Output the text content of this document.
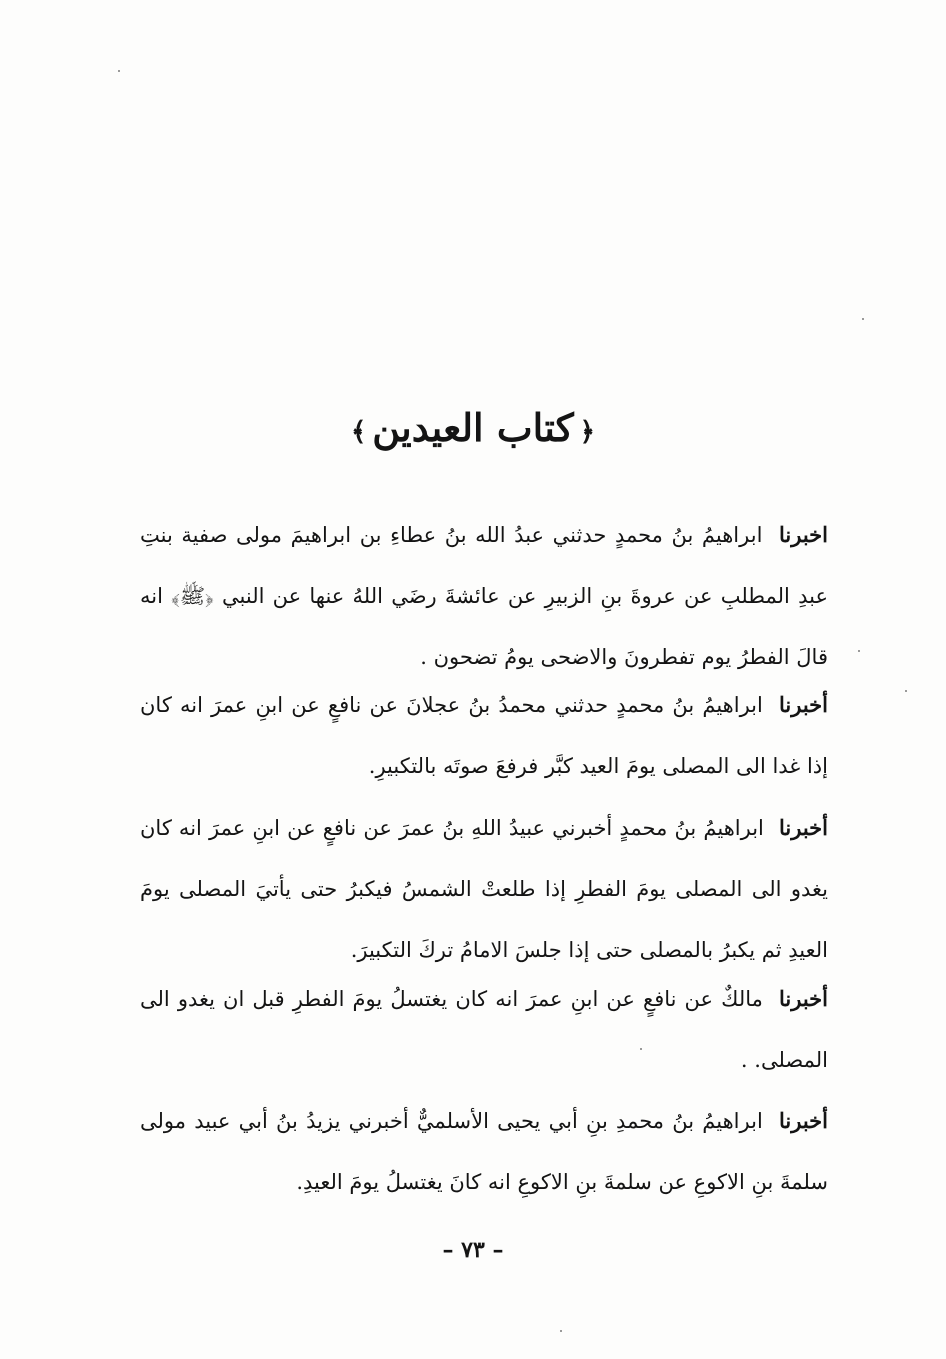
﴿كتاب العيدين﴾
اخبرنا ابراهيمُ بنُ محمدٍ حدثني عبدُ الله بنُ عطاءِ بن ابراهيمَ مولى صفية بنتِ عبدِ المطلبِ عن عروةَ بنِ الزبيرِ عن عائشةَ رضَي اللهُ عنها عن النبي ﴿ﷺ﴾ انه قالَ الفطرُ يوم تفطرونَ والاضحى يومُ تضحون .
أخبرنا ابراهيمُ بنُ محمدٍ حدثني محمدُ بنُ عجلانَ عن نافعٍ عن ابنِ عمرَ انه كان إذا غدا الى المصلى يومَ العيد كبَّر فرفعَ صوتَه بالتكبيرِ.
أخبرنا ابراهيمُ بنُ محمدٍ أخبرني عبيدُ اللهِ بنُ عمرَ عن نافعٍ عن ابنِ عمرَ انه كان يغدو الى المصلى يومَ الفطرِ إذا طلعتْ الشمسُ فيكبرُ حتى يأتيَ المصلى يومَ العيدِ ثم يكبرُ بالمصلى حتى إذا جلسَ الامامُ تركَ التكبيرَ.
أخبرنا مالكٌ عن نافعٍ عن ابنِ عمرَ انه كان يغتسلُ يومَ الفطرِ قبل ان يغدو الى المصلى. .
أخبرنا ابراهيمُ بنُ محمدِ بنِ أبي يحيى الأسلميٌّ أخبرني يزيدُ بنُ أبي عبيد مولى سلمةَ بنِ الاكوعِ عن سلمةَ بنِ الاكوعِ انه كانَ يغتسلُ يومَ العيدِ.
– ٧٣ –
